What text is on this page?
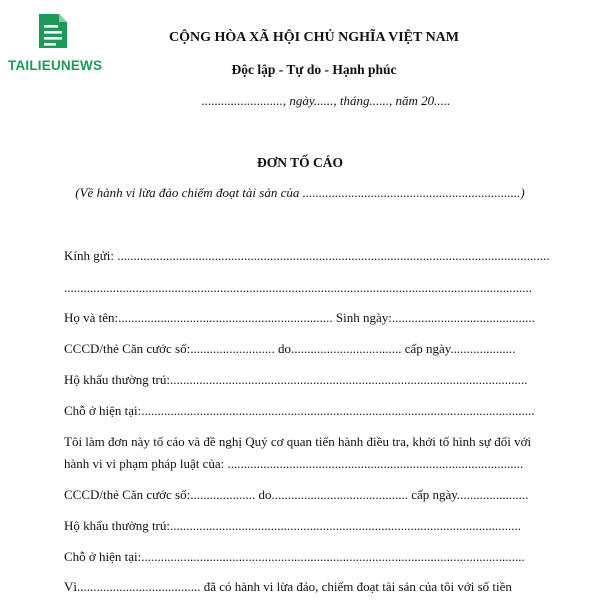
TAILIEUNEWS
CỘNG HÒA XÃ HỘI CHỦ NGHĨA VIỆT NAM
Độc lập - Tự do - Hạnh phúc
........................., ngày......, tháng......, năm 20.....
ĐƠN TỐ CÁO
(Về hành vi lừa đảo chiếm đoạt tài sản của ...................................................................)
Kính gửi: .....................................................................................................................................
................................................................................................................................................
Họ và tên:.................................................................. Sinh ngày:............................................
CCCD/thẻ Căn cước số:.......................... do.................................. cấp ngày....................
Hộ khẩu thường trú:..............................................................................................................
Chỗ ở hiện tại:.........................................................................................................................
Tôi làm đơn này tố cáo và đề nghị Quý cơ quan tiến hành điều tra, khởi tố hình sự đối với
hành vi vi phạm pháp luật của: ...........................................................................................
CCCD/thẻ Căn cước số:.................... do.......................................... cấp ngày......................
Hộ khẩu thường trú:............................................................................................................
Chỗ ở hiện tại:......................................................................................................................
Vì...................................... đã có hành vi lừa đảo, chiếm đoạt tài sản của tôi với số tiền
